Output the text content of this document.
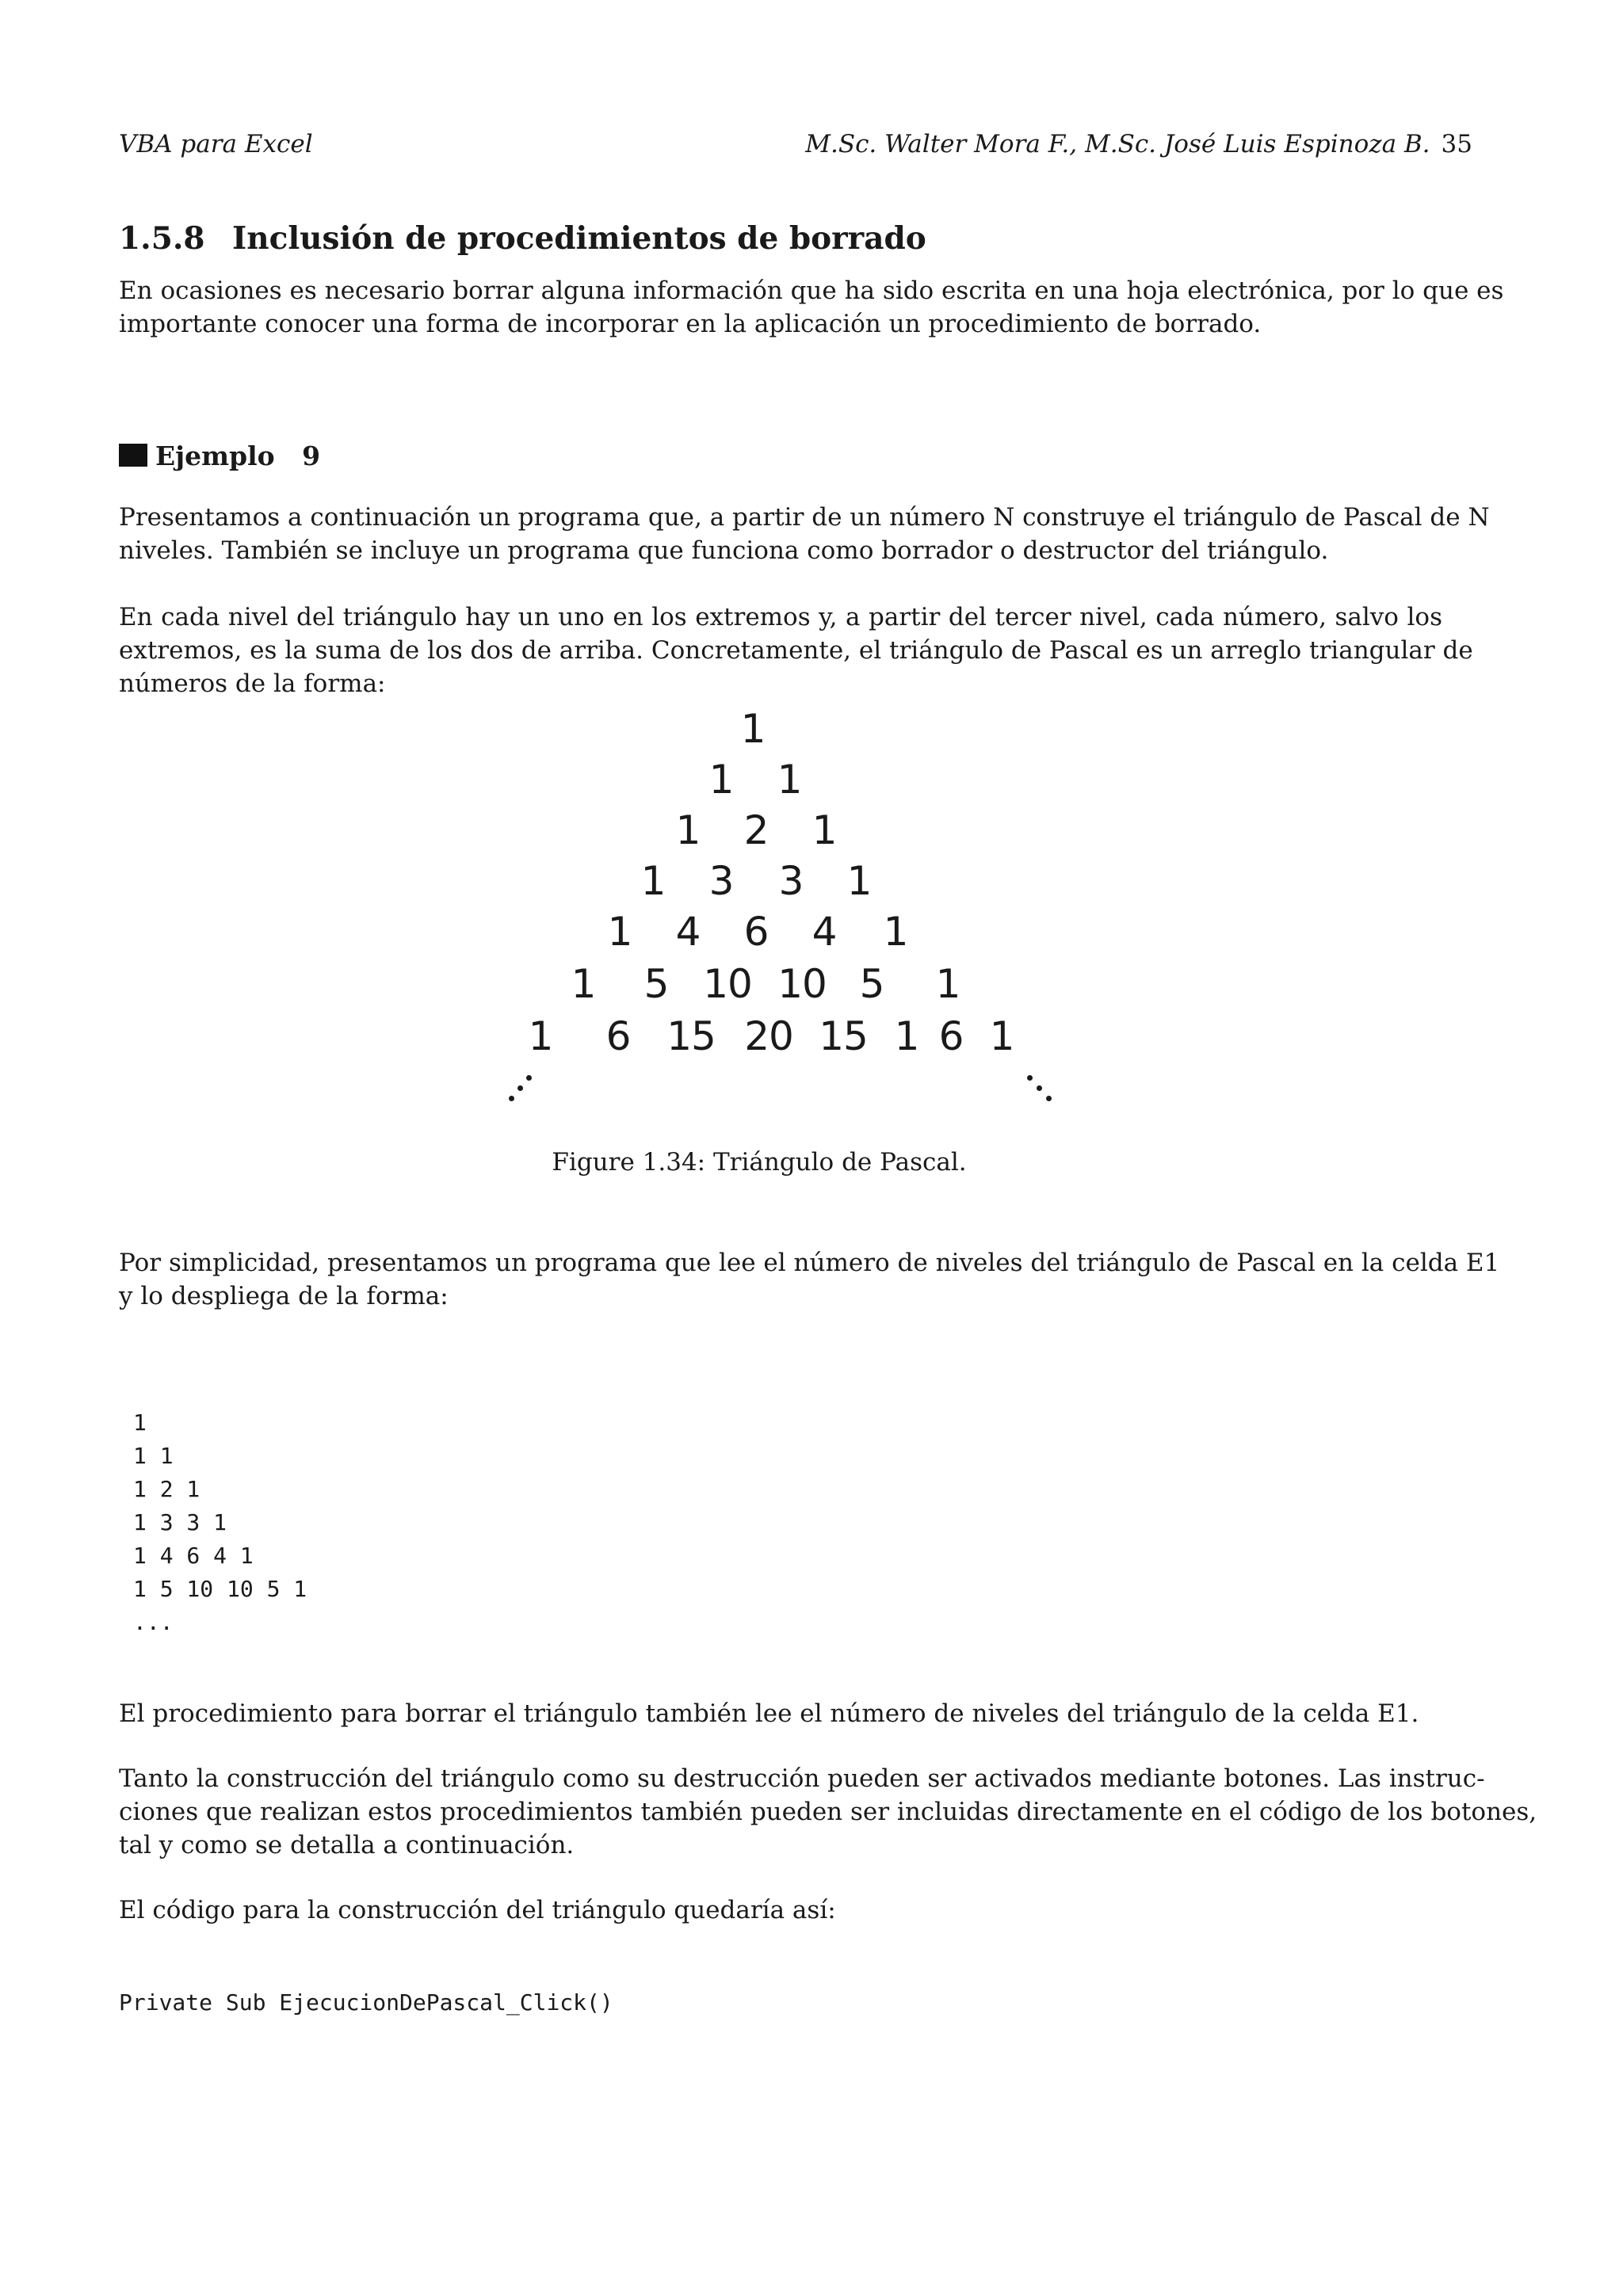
VBA para Excel	M.Sc. Walter Mora F., M.Sc. José Luis Espinoza B. 35
1.5.8 Inclusión de procedimientos de borrado
En ocasiones es necesario borrar alguna información que ha sido escrita en una hoja electrónica, por lo que es
importante conocer una forma de incorporar en la aplicación un procedimiento de borrado.
Ejemplo 9
Presentamos a continuación un programa que, a partir de un número N construye el triángulo de Pascal de N
niveles. También se incluye un programa que funciona como borrador o destructor del triángulo.
En cada nivel del triángulo hay un uno en los extremos y, a partir del tercer nivel, cada número, salvo los
extremos, es la suma de los dos de arriba. Concretamente, el triángulo de Pascal es un arreglo triangular de
números de la forma:
1
1 1
1 2 1
1 3 3 1
1 4 6 4 1
1 5 10 10 5 1
1 6 15 20 15 1 6 1
Figure 1.34: Triángulo de Pascal.
Por simplicidad, presentamos un programa que lee el número de niveles del triángulo de Pascal en la celda E1
y lo despliega de la forma:
1
1 1
1 2 1
1 3 3 1
1 4 6 4 1
1 5 10 10 5 1
...
El procedimiento para borrar el triángulo también lee el número de niveles del triángulo de la celda E1.
Tanto la construcción del triángulo como su destrucción pueden ser activados mediante botones. Las instruc-
ciones que realizan estos procedimientos también pueden ser incluidas directamente en el código de los botones,
tal y como se detalla a continuación.
El código para la construcción del triángulo quedaría así:
Private Sub EjecucionDePascal_Click()
